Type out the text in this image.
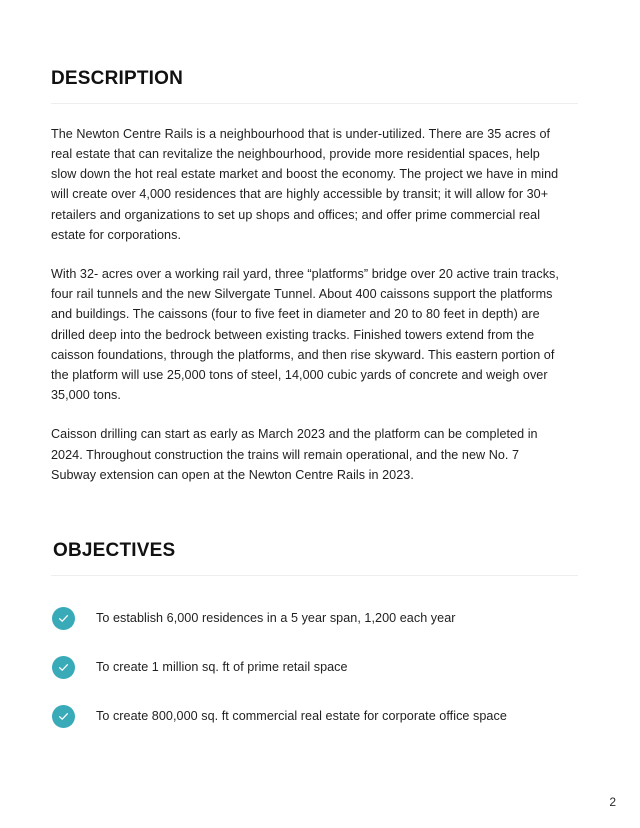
DESCRIPTION

The Newton Centre Rails is a neighbourhood that is under-utilized. There are 35 acres of real estate that can revitalize the neighbourhood, provide more residential spaces, help slow down the hot real estate market and boost the economy. The project we have in mind will create over 4,000 residences that are highly accessible by transit; it will allow for 30+ retailers and organizations to set up shops and offices; and offer prime commercial real estate for corporations.

With 32- acres over a working rail yard, three “platforms” bridge over 20 active train tracks, four rail tunnels and the new Silvergate Tunnel. About 400 caissons support the platforms and buildings. The caissons (four to five feet in diameter and 20 to 80 feet in depth) are drilled deep into the bedrock between existing tracks. Finished towers extend from the caisson foundations, through the platforms, and then rise skyward. This eastern portion of the platform will use 25,000 tons of steel, 14,000 cubic yards of concrete and weigh over 35,000 tons.

Caisson drilling can start as early as March 2023 and the platform can be completed in 2024. Throughout construction the trains will remain operational, and the new No. 7 Subway extension can open at the Newton Centre Rails in 2023.

OBJECTIVES
To establish 6,000 residences in a 5 year span, 1,200 each year
To create 1 million sq. ft of prime retail space
To create 800,000 sq. ft commercial real estate for corporate office space
2
